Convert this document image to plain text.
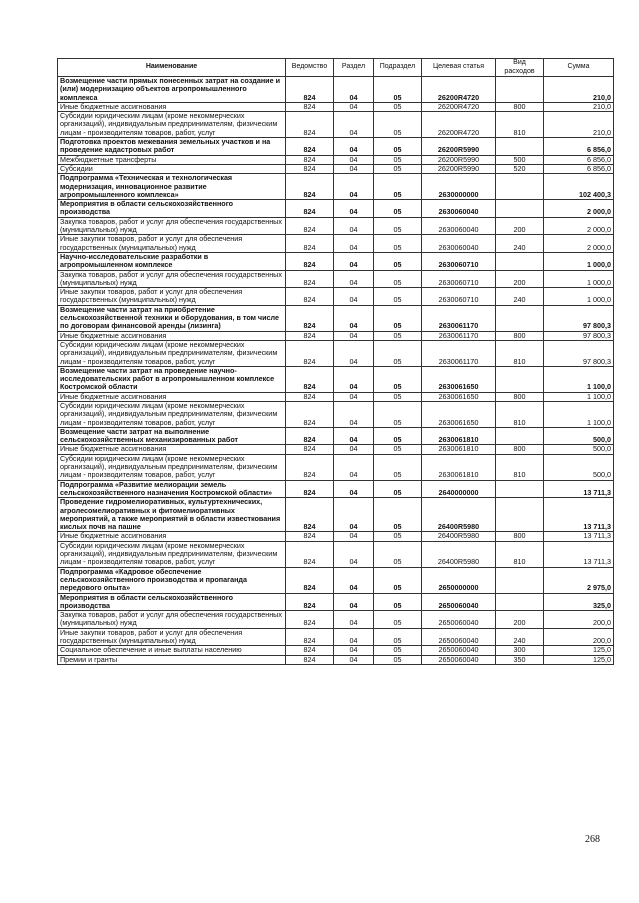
Наименование	Ведомство	Раздел	Подраздел	Целевая статья	Вид расходов	Сумма
Возмещение части прямых понесенных затрат на создание и (или) модернизацию объектов агропромышленного комплекса	824	04	05	26200R4720		210,0
Иные бюджетные ассигнования	824	04	05	26200R4720	800	210,0
Субсидии юридическим лицам (кроме некоммерческих организаций), индивидуальным предпринимателям, физическим лицам - производителям товаров, работ, услуг	824	04	05	26200R4720	810	210,0
Подготовка проектов межевания земельных участков и на проведение кадастровых работ	824	04	05	26200R5990		6 856,0
Межбюджетные трансферты	824	04	05	26200R5990	500	6 856,0
Субсидии	824	04	05	26200R5990	520	6 856,0
Подпрограмма «Техническая и технологическая модернизация, инновационное развитие агропромышленного комплекса»	824	04	05	2630000000		102 400,3
Мероприятия в области сельскохозяйственного производства	824	04	05	2630060040		2 000,0
Закупка товаров, работ и услуг для обеспечения государственных (муниципальных) нужд	824	04	05	2630060040	200	2 000,0
Иные закупки товаров, работ и услуг для обеспечения государственных (муниципальных) нужд	824	04	05	2630060040	240	2 000,0
Научно-исследовательские разработки в агропромышленном комплексе	824	04	05	2630060710		1 000,0
Закупка товаров, работ и услуг для обеспечения государственных (муниципальных) нужд	824	04	05	2630060710	200	1 000,0
Иные закупки товаров, работ и услуг для обеспечения государственных (муниципальных) нужд	824	04	05	2630060710	240	1 000,0
Возмещение части затрат на приобретение сельскохозяйственной техники и оборудования, в том числе по договорам финансовой аренды (лизинга)	824	04	05	2630061170		97 800,3
Иные бюджетные ассигнования	824	04	05	2630061170	800	97 800,3
Субсидии юридическим лицам (кроме некоммерческих организаций), индивидуальным предпринимателям, физическим лицам - производителям товаров, работ, услуг	824	04	05	2630061170	810	97 800,3
Возмещение части затрат на проведение научно-исследовательских работ в агропромышленном комплексе Костромской области	824	04	05	2630061650		1 100,0
Иные бюджетные ассигнования	824	04	05	2630061650	800	1 100,0
Субсидии юридическим лицам (кроме некоммерческих организаций), индивидуальным предпринимателям, физическим лицам - производителям товаров, работ, услуг	824	04	05	2630061650	810	1 100,0
Возмещение части затрат на выполнение сельскохозяйственных механизированных работ	824	04	05	2630061810		500,0
Иные бюджетные ассигнования	824	04	05	2630061810	800	500,0
Субсидии юридическим лицам (кроме некоммерческих организаций), индивидуальным предпринимателям, физическим лицам - производителям товаров, работ, услуг	824	04	05	2630061810	810	500,0
Подпрограмма «Развитие мелиорации земель сельскохозяйственного назначения Костромской области»	824	04	05	2640000000		13 711,3
Проведение гидромелиоративных, культуртехнических, агролесомелиоративных и фитомелиоративных мероприятий, а также мероприятий в области известкования кислых почв на пашне	824	04	05	26400R5980		13 711,3
Иные бюджетные ассигнования	824	04	05	26400R5980	800	13 711,3
Субсидии юридическим лицам (кроме некоммерческих организаций), индивидуальным предпринимателям, физическим лицам - производителям товаров, работ, услуг	824	04	05	26400R5980	810	13 711,3
Подпрограмма «Кадровое обеспечение сельскохозяйственного производства и пропаганда передового опыта»	824	04	05	2650000000		2 975,0
Мероприятия в области сельскохозяйственного производства	824	04	05	2650060040		325,0
Закупка товаров, работ и услуг для обеспечения государственных (муниципальных) нужд	824	04	05	2650060040	200	200,0
Иные закупки товаров, работ и услуг для обеспечения государственных (муниципальных) нужд	824	04	05	2650060040	240	200,0
Социальное обеспечение и иные выплаты населению	824	04	05	2650060040	300	125,0
Премии и гранты	824	04	05	2650060040	350	125,0
268
